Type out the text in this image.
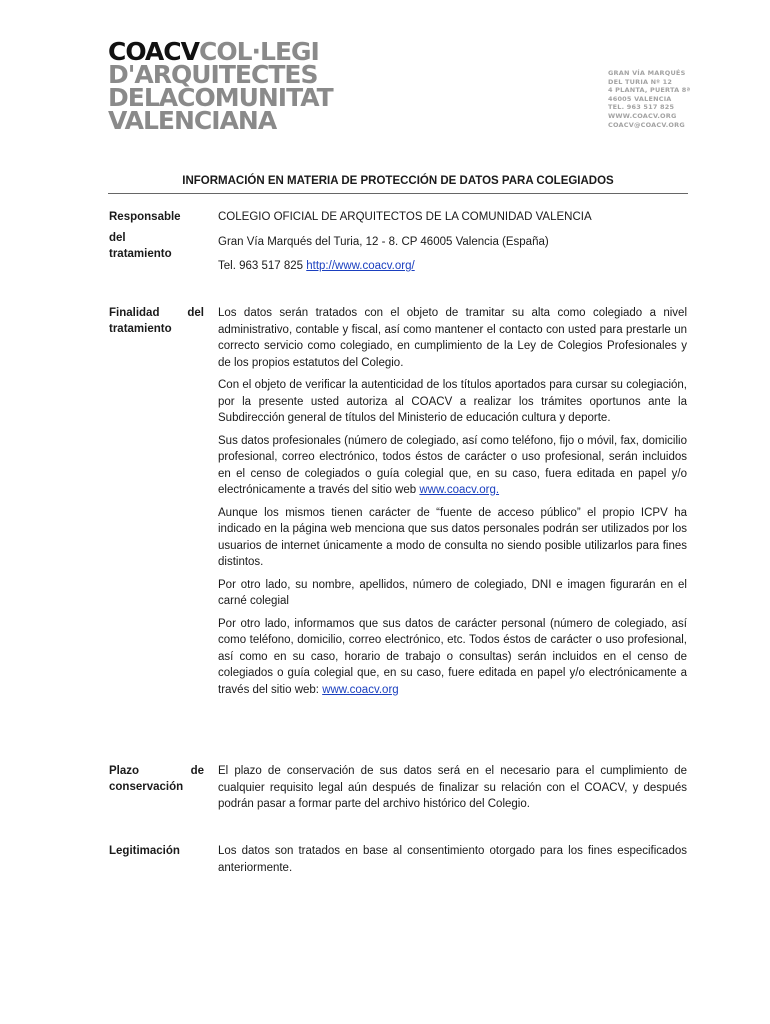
COACVCOL·LEGI
D'ARQUITECTES
DELACOMUNITAT
VALENCIANA
GRAN VÍA MARQUÉS
DEL TURIA Nº 12
4 PLANTA, PUERTA 8ª
46005 VALENCIA
TEL. 963 517 825
WWW.COACV.ORG
COACV@COACV.ORG
INFORMACIÓN EN MATERIA DE PROTECCIÓN DE DATOS PARA COLEGIADOS
Responsable
del
tratamiento
COLEGIO OFICIAL DE ARQUITECTOS DE LA COMUNIDAD VALENCIA
Gran Vía Marqués del Turia, 12 - 8. CP 46005 Valencia (España)
Tel. 963 517 825 http://www.coacv.org/
Finalidad del
tratamiento

Los datos serán tratados con el objeto de tramitar su alta como colegiado a nivel administrativo, contable y fiscal, así como mantener el contacto con usted para prestarle un correcto servicio como colegiado, en cumplimiento de la Ley de Colegios Profesionales y de los propios estatutos del Colegio.

Con el objeto de verificar la autenticidad de los títulos aportados para cursar su colegiación, por la presente usted autoriza al COACV a realizar los trámites oportunos ante la Subdirección general de títulos del Ministerio de educación cultura y deporte.

Sus datos profesionales (número de colegiado, así como teléfono, fijo o móvil, fax, domicilio profesional, correo electrónico, todos éstos de carácter o uso profesional, serán incluidos en el censo de colegiados o guía colegial que, en su caso, fuera editada en papel y/o electrónicamente a través del sitio web www.coacv.org.

Aunque los mismos tienen carácter de “fuente de acceso público” el propio ICPV ha indicado en la página web menciona que sus datos personales podrán ser utilizados por los usuarios de internet únicamente a modo de consulta no siendo posible utilizarlos para fines distintos.

Por otro lado, su nombre, apellidos, número de colegiado, DNI e imagen figurarán en el carné colegial

Por otro lado, informamos que sus datos de carácter personal (número de colegiado, así como teléfono, domicilio, correo electrónico, etc. Todos éstos de carácter o uso profesional, así como en su caso, horario de trabajo o consultas) serán incluidos en el censo de colegiados o guía colegial que, en su caso, fuere editada en papel y/o electrónicamente a través del sitio web: www.coacv.org

Plazo de
conservación

El plazo de conservación de sus datos será en el necesario para el cumplimiento de cualquier requisito legal aún después de finalizar su relación con el COACV, y después podrán pasar a formar parte del archivo histórico del Colegio.

Legitimación	Los datos son tratados en base al consentimiento otorgado para los fines especificados anteriormente.
